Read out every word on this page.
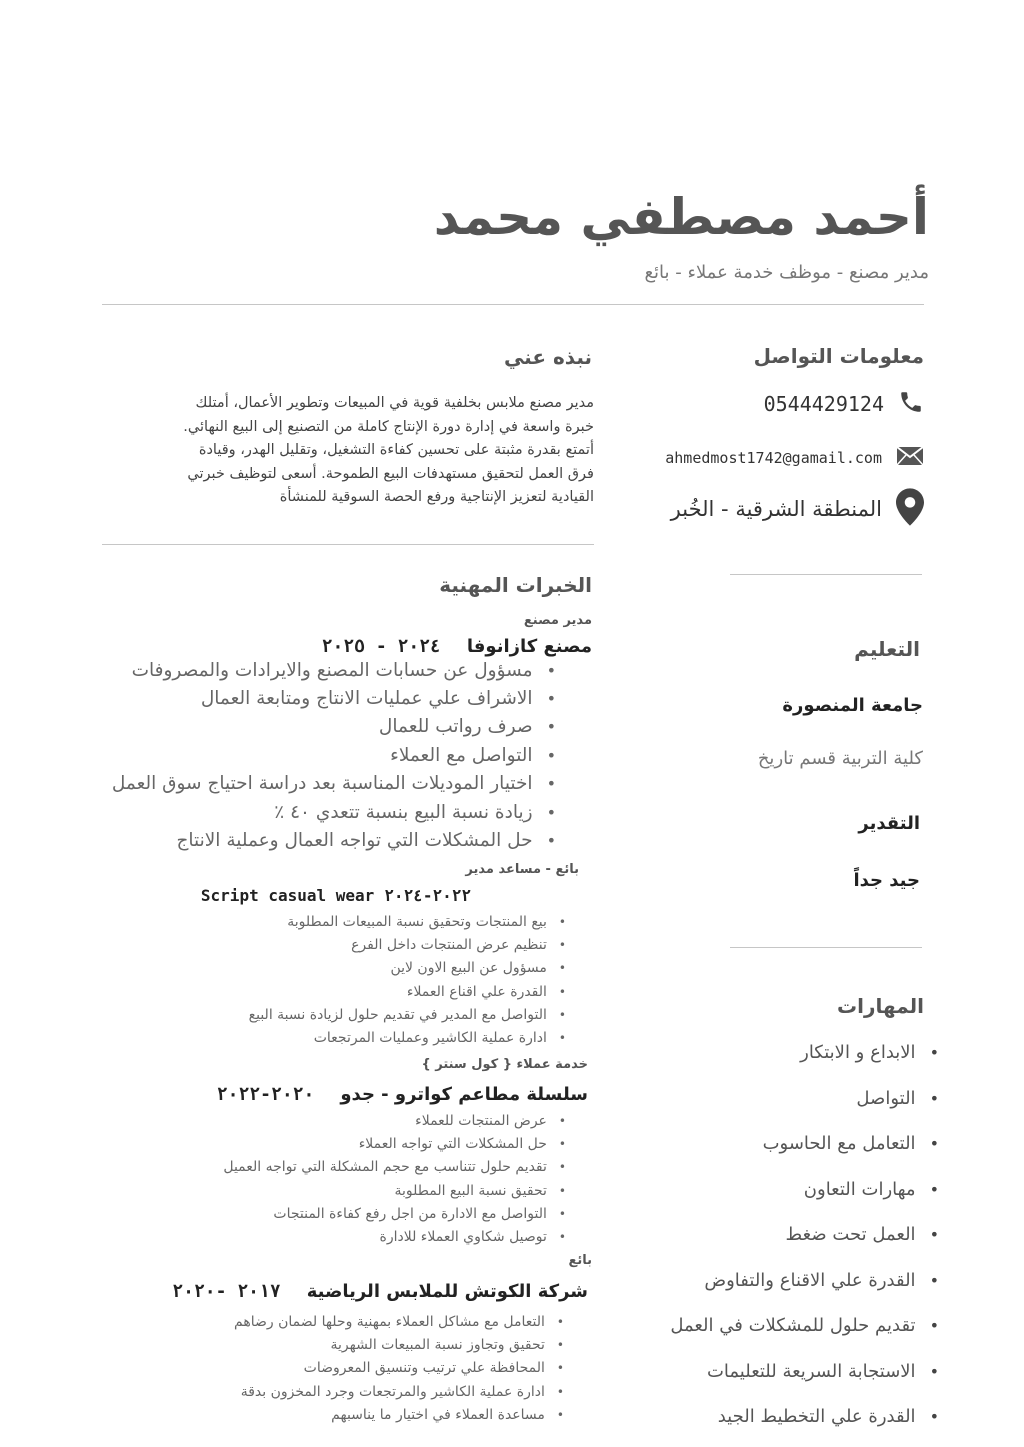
أحمد مصطفي محمد
مدير مصنع - موظف خدمة عملاء - بائع
معلومات التواصل
0544429124
ahmedmost1742@gamail.com
المنطقة الشرقية - الخُبر
التعليم
جامعة المنصورة
كلية التربية قسم تاريخ
التقدير
جيد جداً
المهارات
• الابداع و الابتكار
• التواصل
• التعامل مع الحاسوب
• مهارات التعاون
• العمل تحت ضغط
• القدرة علي الاقناع والتفاوض
• تقديم حلول للمشكلات في العمل
• الاستجابة السريعة للتعليمات
• القدرة علي التخطيط الجيد
نبذه عني
مدير مصنع ملابس بخلفية قوية في المبيعات وتطوير الأعمال، أمتلك
خبرة واسعة في إدارة دورة الإنتاج كاملة من التصنيع إلى البيع النهائي.
أتمتع بقدرة مثبتة على تحسين كفاءة التشغيل، وتقليل الهدر، وقيادة
فرق العمل لتحقيق مستهدفات البيع الطموحة. أسعى لتوظيف خبرتي
القيادية لتعزيز الإنتاجية ورفع الحصة السوقية للمنشأة
الخبرات المهنية
مدير مصنع
مصنع كازانوفا٢٠٢٤ - ٢٠٢٥
• مسؤول عن حسابات المصنع والايرادات والمصروفات
• الاشراف علي عمليات الانتاج ومتابعة العمال
• صرف رواتب للعمال
• التواصل مع العملاء
• اختيار الموديلات المناسبة بعد دراسة احتياج سوق العمل
• زيادة نسبة البيع بنسبة تتعدي ٤٠ ٪
• حل المشكلات التي تواجه العمال وعملية الانتاج
بائع - مساعد مدير
٢٠٢٢-٢٠٢٤Script casual wear
• بيع المنتجات وتحقيق نسبة المبيعات المطلوبة
• تنظيم عرض المنتجات داخل الفرع
• مسؤول عن البيع الاون لاين
• القدرة علي اقناع العملاء
• التواصل مع المدير في تقديم حلول لزيادة نسبة البيع
• ادارة عملية الكاشير وعمليات المرتجعات
خدمة عملاء { كول سنتر }
سلسلة مطاعم كواترو - جدو٢٠٢٠-٢٠٢٢
• عرض المنتجات للعملاء
• حل المشكلات التي تواجه العملاء
• تقديم حلول تتناسب مع حجم المشكلة التي تواجه العميل
• تحقيق نسبة البيع المطلوبة
• التواصل مع الادارة من اجل رفع كفاءة المنتجات
• توصيل شكاوي العملاء للادارة
بائع
شركة الكوتش للملابس الرياضية٢٠١٧ -٢٠٢٠
• التعامل مع مشاكل العملاء بمهنية وحلها لضمان رضاهم
• تحقيق وتجاوز نسبة المبيعات الشهرية
• المحافظة علي ترتيب وتنسيق المعروضات
• ادارة عملية الكاشير والمرتجعات وجرد المخزون بدقة
• مساعدة العملاء في اختيار ما يناسبهم
